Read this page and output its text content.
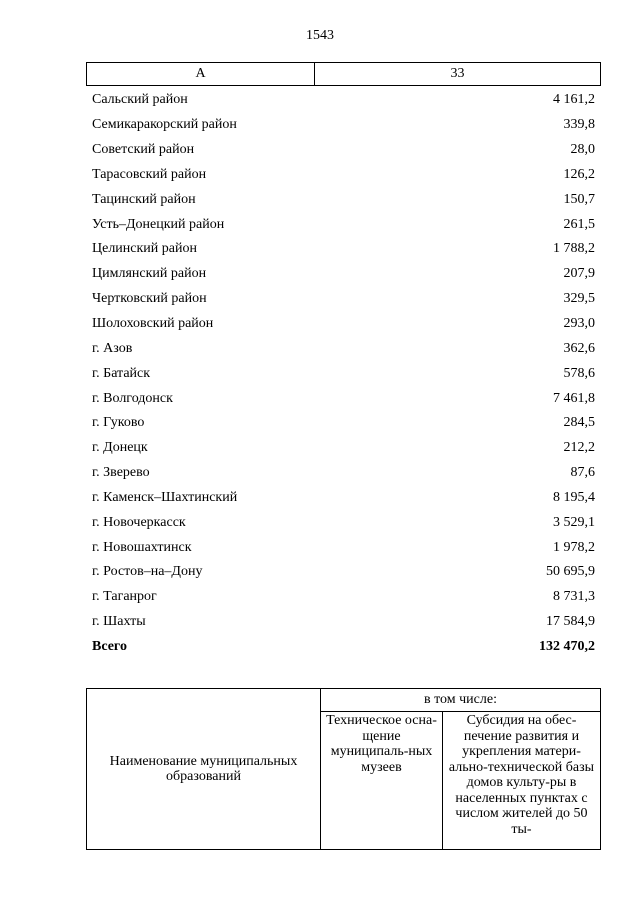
1543
А	33
Сальский район	4 161,2
Семикаракорский район	339,8
Советский район	28,0
Тарасовский район	126,2
Тацинский район	150,7
Усть–Донецкий район	261,5
Целинский район	1 788,2
Цимлянский район	207,9
Чертковский район	329,5
Шолоховский район	293,0
г. Азов	362,6
г. Батайск	578,6
г. Волгодонск	7 461,8
г. Гуково	284,5
г. Донецк	212,2
г. Зверево	87,6
г. Каменск–Шахтинский	8 195,4
г. Новочеркасск	3 529,1
г. Новошахтинск	1 978,2
г. Ростов–на–Дону	50 695,9
г. Таганрог	8 731,3
г. Шахты	17 584,9
Всего	132 470,2
Наименование муниципальных образований	в том числе:	
	Техническое осна-щение муниципаль-ных музеев	Субсидия на обес-печение развития и укрепления матери-ально-технической базы домов культу-ры в населенных пунктах с числом жителей до 50 ты-
